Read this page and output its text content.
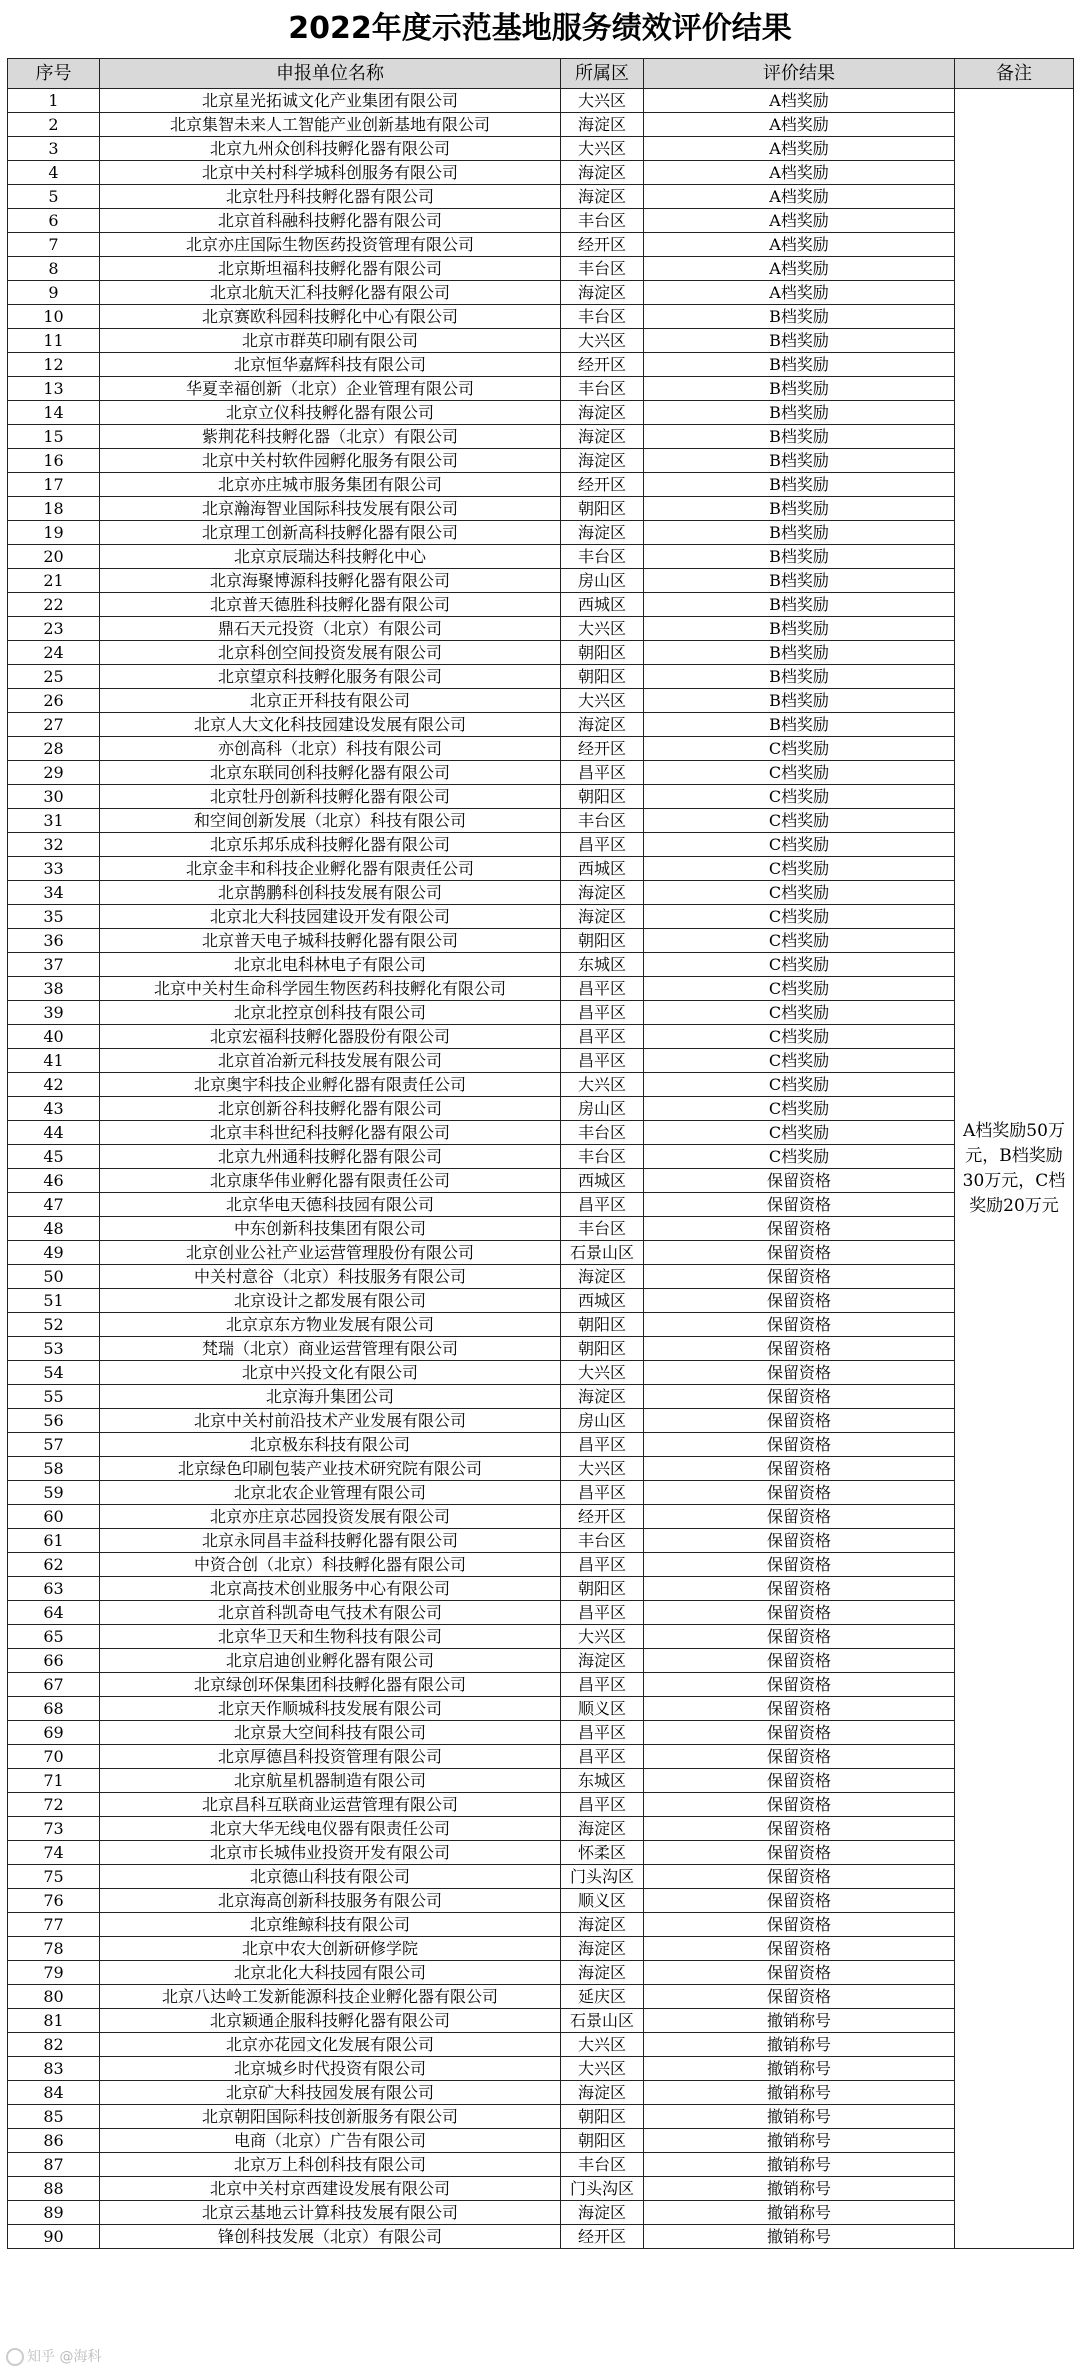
2022年度示范基地服务绩效评价结果
序号	申报单位名称	所属区	评价结果	备注
1	北京星光拓诚文化产业集团有限公司	大兴区	A档奖励	A档奖励50万元，B档奖励30万元，C档奖励20万元
2	北京集智未来人工智能产业创新基地有限公司	海淀区	A档奖励	
3	北京九州众创科技孵化器有限公司	大兴区	A档奖励	
4	北京中关村科学城科创服务有限公司	海淀区	A档奖励	
5	北京牡丹科技孵化器有限公司	海淀区	A档奖励	
6	北京首科融科技孵化器有限公司	丰台区	A档奖励	
7	北京亦庄国际生物医药投资管理有限公司	经开区	A档奖励	
8	北京斯坦福科技孵化器有限公司	丰台区	A档奖励	
9	北京北航天汇科技孵化器有限公司	海淀区	A档奖励	
10	北京赛欧科园科技孵化中心有限公司	丰台区	B档奖励	
11	北京市群英印刷有限公司	大兴区	B档奖励	
12	北京恒华嘉辉科技有限公司	经开区	B档奖励	
13	华夏幸福创新（北京）企业管理有限公司	丰台区	B档奖励	
14	北京立仪科技孵化器有限公司	海淀区	B档奖励	
15	紫荆花科技孵化器（北京）有限公司	海淀区	B档奖励	
16	北京中关村软件园孵化服务有限公司	海淀区	B档奖励	
17	北京亦庄城市服务集团有限公司	经开区	B档奖励	
18	北京瀚海智业国际科技发展有限公司	朝阳区	B档奖励	
19	北京理工创新高科技孵化器有限公司	海淀区	B档奖励	
20	北京京辰瑞达科技孵化中心	丰台区	B档奖励	
21	北京海聚博源科技孵化器有限公司	房山区	B档奖励	
22	北京普天德胜科技孵化器有限公司	西城区	B档奖励	
23	鼎石天元投资（北京）有限公司	大兴区	B档奖励	
24	北京科创空间投资发展有限公司	朝阳区	B档奖励	
25	北京望京科技孵化服务有限公司	朝阳区	B档奖励	
26	北京正开科技有限公司	大兴区	B档奖励	
27	北京人大文化科技园建设发展有限公司	海淀区	B档奖励	
28	亦创高科（北京）科技有限公司	经开区	C档奖励	
29	北京东联同创科技孵化器有限公司	昌平区	C档奖励	
30	北京牡丹创新科技孵化器有限公司	朝阳区	C档奖励	
31	和空间创新发展（北京）科技有限公司	丰台区	C档奖励	
32	北京乐邦乐成科技孵化器有限公司	昌平区	C档奖励	
33	北京金丰和科技企业孵化器有限责任公司	西城区	C档奖励	
34	北京鹊鹏科创科技发展有限公司	海淀区	C档奖励	
35	北京北大科技园建设开发有限公司	海淀区	C档奖励	
36	北京普天电子城科技孵化器有限公司	朝阳区	C档奖励	
37	北京北电科林电子有限公司	东城区	C档奖励	
38	北京中关村生命科学园生物医药科技孵化有限公司	昌平区	C档奖励	
39	北京北控京创科技有限公司	昌平区	C档奖励	
40	北京宏福科技孵化器股份有限公司	昌平区	C档奖励	
41	北京首冶新元科技发展有限公司	昌平区	C档奖励	
42	北京奥宇科技企业孵化器有限责任公司	大兴区	C档奖励	
43	北京创新谷科技孵化器有限公司	房山区	C档奖励	
44	北京丰科世纪科技孵化器有限公司	丰台区	C档奖励	
45	北京九州通科技孵化器有限公司	丰台区	C档奖励	
46	北京康华伟业孵化器有限责任公司	西城区	保留资格	
47	北京华电天德科技园有限公司	昌平区	保留资格	
48	中东创新科技集团有限公司	丰台区	保留资格	
49	北京创业公社产业运营管理股份有限公司	石景山区	保留资格	
50	中关村意谷（北京）科技服务有限公司	海淀区	保留资格	
51	北京设计之都发展有限公司	西城区	保留资格	
52	北京京东方物业发展有限公司	朝阳区	保留资格	
53	梵瑞（北京）商业运营管理有限公司	朝阳区	保留资格	
54	北京中兴投文化有限公司	大兴区	保留资格	
55	北京海升集团公司	海淀区	保留资格	
56	北京中关村前沿技术产业发展有限公司	房山区	保留资格	
57	北京极东科技有限公司	昌平区	保留资格	
58	北京绿色印刷包装产业技术研究院有限公司	大兴区	保留资格	
59	北京北农企业管理有限公司	昌平区	保留资格	
60	北京亦庄京芯园投资发展有限公司	经开区	保留资格	
61	北京永同昌丰益科技孵化器有限公司	丰台区	保留资格	
62	中资合创（北京）科技孵化器有限公司	昌平区	保留资格	
63	北京高技术创业服务中心有限公司	朝阳区	保留资格	
64	北京首科凯奇电气技术有限公司	昌平区	保留资格	
65	北京华卫天和生物科技有限公司	大兴区	保留资格	
66	北京启迪创业孵化器有限公司	海淀区	保留资格	
67	北京绿创环保集团科技孵化器有限公司	昌平区	保留资格	
68	北京天作顺城科技发展有限公司	顺义区	保留资格	
69	北京景大空间科技有限公司	昌平区	保留资格	
70	北京厚德昌科投资管理有限公司	昌平区	保留资格	
71	北京航星机器制造有限公司	东城区	保留资格	
72	北京昌科互联商业运营管理有限公司	昌平区	保留资格	
73	北京大华无线电仪器有限责任公司	海淀区	保留资格	
74	北京市长城伟业投资开发有限公司	怀柔区	保留资格	
75	北京德山科技有限公司	门头沟区	保留资格	
76	北京海高创新科技服务有限公司	顺义区	保留资格	
77	北京维鲸科技有限公司	海淀区	保留资格	
78	北京中农大创新研修学院	海淀区	保留资格	
79	北京北化大科技园有限公司	海淀区	保留资格	
80	北京八达岭工发新能源科技企业孵化器有限公司	延庆区	保留资格	
81	北京颖通企服科技孵化器有限公司	石景山区	撤销称号	
82	北京亦花园文化发展有限公司	大兴区	撤销称号	
83	北京城乡时代投资有限公司	大兴区	撤销称号	
84	北京矿大科技园发展有限公司	海淀区	撤销称号	
85	北京朝阳国际科技创新服务有限公司	朝阳区	撤销称号	
86	电商（北京）广告有限公司	朝阳区	撤销称号	
87	北京万上科创科技有限公司	丰台区	撤销称号	
88	北京中关村京西建设发展有限公司	门头沟区	撤销称号	
89	北京云基地云计算科技发展有限公司	海淀区	撤销称号	
90	锋创科技发展（北京）有限公司	经开区	撤销称号	
知乎 @海科
